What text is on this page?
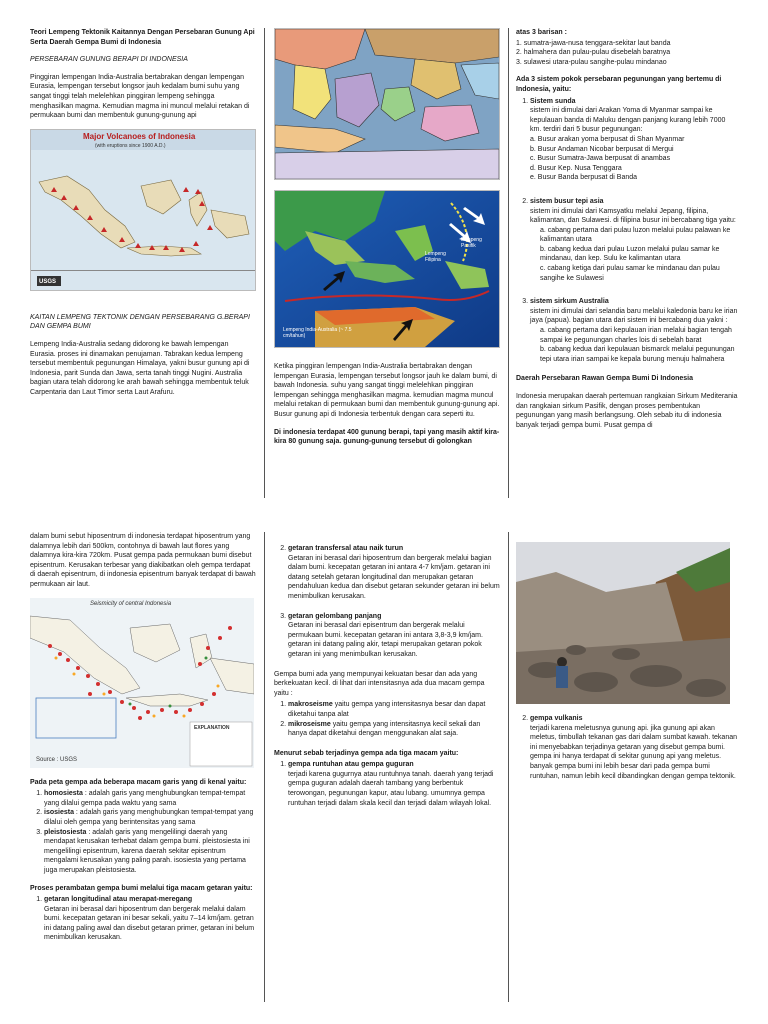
Teori Lempeng Tektonik Kaitannya Dengan Persebaran Gunung Api Serta Daerah Gempa Bumi di Indonesia

PERSEBARAN GUNUNG BERAPI DI INDONESIA

Pinggiran lempengan India-Australia bertabrakan dengan lempengan Eurasia, lempengan tersebut longsor jauh kedalam bumi suhu yang sangat tinggi telah melelehkan pinggiran lempeng sehingga menghasilkan magma. Kemudian magma ini muncul melalui retakan di permukaan bumi dan membentuk gunung-gunung api

Major Volcanoes of Indonesia
(with eruptions since 1900 A.D.)
USGS

KAITAN LEMPENG TEKTONIK DENGAN PERSEBARANG G.BERAPI DAN GEMPA BUMI

Lempeng India-Australia sedang didorong ke bawah lempengan Eurasia. proses ini dinamakan penujaman. Tabrakan kedua lempeng tersebut membentuk pegunungan Himalaya, yakni busur gunung api di Indonesia, parit Sunda dan Jawa, serta tanah tinggi Nugini. Australia bagian utara telah didorong ke arah bawah sehingga membentuk teluk Carpentaria dan Laut Timor serta Laut Arafuru.

Lempeng Pasifik
Lempeng Filipina
Lempeng India-Australia (~ 7.5 cm/tahun)

Ketika pinggiran lempengan India-Australia bertabrakan dengan lempengan Eurasia, lempengan tersebut longsor jauh ke dalam bumi, di bawah Indonesia. suhu yang sangat tinggi melelehkan pinggiran lempengan sehingga menghasilkan magma. kemudian magma muncul melalui retakan di permukaan bumi dan membentuk gunung-gunung api. Busur gunung api di Indonesia terbentuk dengan cara seperti itu.

Di indonesia terdapat 400 gunung berapi, tapi yang masih aktif kira-kira 80 gunung saja. gunung-gunung tersebut di golongkan

atas 3 barisan :

1. sumatra-jawa-nusa tenggara-sekitar laut banda
2. halmahera dan pulau-pulau disebelah baratnya
3. sulawesi utara-pulau sangihe-pulau mindanao

Ada 3 sistem pokok persebaran pegunungan yang bertemu di Indonesia, yaitu:

1. Sistem sunda
sistem ini dimulai dari Arakan Yoma di Myanmar sampai ke kepulauan banda di Maluku dengan panjang kurang lebih 7000 km. terdiri dari 5 busur pegunungan:
a. Busur arakan yoma berpusat di Shan Myanmar
b. Busur Andaman Nicobar berpusat di Mergui
c. Busur Sumatra-Jawa berpusat di anambas
d. Busur Kep. Nusa Tenggara
e. Busur Banda berpusat di Banda
2. sistem busur tepi asia
sistem ini dimulai dari Kamsyatku melalui Jepang, filipina, kalimantan, dan Sulawesi. di filipina busur ini bercabang tiga yaitu:
a. cabang pertama dari pulau luzon melalui pulau palawan ke kalimantan utara
b. cabang kedua dari pulau Luzon melalui pulau samar ke mindanau, dan kep. Sulu ke kalimantan utara
c. cabang ketiga dari pulau samar ke mindanau dan pulau sangihe ke Sulawesi
3. sistem sirkum Australia
sistem ini dimulai dari selandia baru melalui kaledonia baru ke irian jaya (papua). bagian utara dari sistem ini bercabang dua yakni :
a. cabang pertama dari kepulauan irian melalui bagian tengah sampai ke pegunungan charles lois di sebelah barat
b. cabang kedua dari kepulauan bismarck melalui pegunungan tepi utara irian sampai ke kepala burung menuju halmahera

Daerah Persebaran Rawan Gempa Bumi Di Indonesia

Indonesia merupakan daerah pertemuan rangkaian Sirkum Mediterania dan rangkaian sirkum Pasifik, dengan proses pembentukan pegunungan yang masih berlangsung. Oleh sebab itu di indonesia banyak terjadi gempa bumi. Pusat gempa di

dalam bumi sebut hiposentrum di indonesia terdapat hiposentrum yang dalamnya lebih dari 500km, contohnya di bawah laut flores yang dalamnya kira-kira 720km. Pusat gempa pada permukaan bumi disebut episentrum. Kerusakan terbesar yang diakibatkan oleh gempa terdapat di daerah episentrum, di indonesia episentrum banyak terdapat di bawah permukaan air laut.

Seismicity of central Indonesia
EXPLANATION
Source : USGS

Pada peta gempa ada beberapa macam garis yang di kenal yaitu:

1. homosiesta : adalah garis yang menghubungkan tempat-tempat yang dilalui gempa pada waktu yang sama
2. isosiesta : adalah garis yang menghubungkan tempat-tempat yang dilalui oleh gempa yang berintensitas yang sama
3. pleistosiesta : adalah garis yang mengelilingi daerah yang mendapat kerusakan terhebat dalam gempa bumi. pleistosiesta ini mengelilingi episentrum, karena daerah sekitar episentrum mengalami kerusakan yang paling parah. isosiesta yang pertama juga merupakan pleistosiesta.

Proses perambatan gempa bumi melalui tiga macam getaran yaitu:

1. getaran longitudinal atau merapat-meregang
Getaran ini berasal dari hiposentrum dan bergerak melalui dalam bumi. kecepatan getaran ini besar sekali, yaitu 7–14 km/jam. getran ini datang paling awal dan disebut getaran primer, getaran ini belum menimbulkan kerusakan.
2. getaran transfersal atau naik turun
Getaran ini berasal dari hiposentrum dan bergerak melalui bagian dalam bumi. kecepatan getaran ini antara 4-7 km/jam. getaran ini datang setelah getaran longitudinal dan merupakan getaran pendahuluan kedua dan disebut getaran sekunder getaran ini belum menimbulkan kerusakan.
3. getaran gelombang panjang
Getaran ini berasal dari episentrum dan bergerak melalui permukaan bumi. kecepatan getaran ini antara 3,8-3,9 km/jam. getaran ini datang paling akir, tetapi merupakan getaran pokok getaran ini yang menimbulkan kerusakan.

Gempa bumi ada yang mempunyai kekuatan besar dan ada yang berkekuatan kecil. di lihat dari intensitasnya ada dua macam gempa yaitu :

1. makroseisme yaitu gempa yang intensitasnya besar dan dapat diketahui tanpa alat
2. mikroseisme yaitu gempa yang intensitasnya kecil sekali dan hanya dapat diketahui dengan menggunakan alat saja.

Menurut sebab terjadinya gempa ada tiga macam yaitu:

1. gempa runtuhan atau gempa guguran
terjadi karena gugurnya atau runtuhnya tanah. daerah yang terjadi gempa guguran adalah daerah tambang yang berbentuk terowongan, pegunungan kapur, atau lubang. umumnya gempa runtuhan terjadi dalam skala kecil dan terjadi dalam wilayah lokal.
2. gempa vulkanis
terjadi karena meletusnya gunung api. jika gunung api akan meletus, timbullah tekanan gas dari dalam sumbat kawah. tekanan ini menyebabkan terjadinya getaran yang disebut gempa bumi. gempa ini hanya terdapat di sekitar gunung api yang meletus. banyak gempa bumi ini lebih besar dari pada gempa bumi runtuhan, namun lebih kecil dibandingkan dengan gempa tektonik.
